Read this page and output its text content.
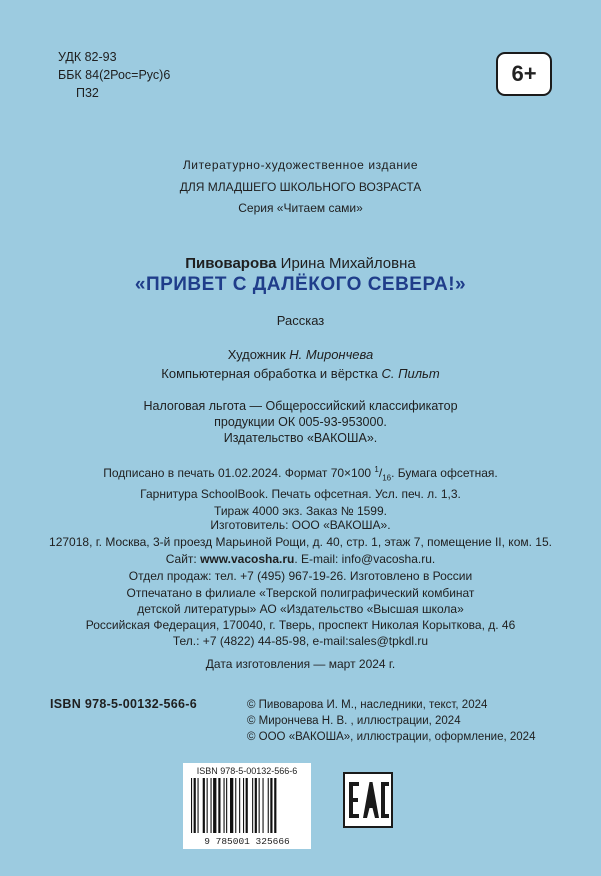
УДК 82-93
ББК 84(2Рос=Рус)6
П32
6+
Литературно-художественное издание
ДЛЯ МЛАДШЕГО ШКОЛЬНОГО ВОЗРАСТА
Серия «Читаем сами»
Пивоварова Ирина Михайловна
«ПРИВЕТ С ДАЛЁКОГО СЕВЕРА!»
Рассказ
Художник Н. Мирончева
Компьютерная обработка и вёрстка С. Пильт
Налоговая льгота — Общероссийский классификатор
продукции ОК 005-93-953000.
Издательство «ВАКОША».
Подписано в печать 01.02.2024. Формат 70×100 $^1/_{16}$. Бумага офсетная.
Гарнитура SchoolBook. Печать офсетная. Усл. печ. л. 1,3.
Тираж 4000 экз. Заказ № 1599.
Изготовитель: ООО «ВАКОША».
127018, г. Москва, 3-й проезд Марьиной Рощи, д. 40, стр. 1, этаж 7, помещение II, ком. 15.
Сайт: www.vacosha.ru. E-mail: info@vacosha.ru.
Отдел продаж: тел. +7 (495) 967-19-26. Изготовлено в России
Отпечатано в филиале «Тверской полиграфический комбинат
детской литературы» АО «Издательство «Высшая школа»
Российская Федерация, 170040, г. Тверь, проспект Николая Корыткова, д. 46
Тел.: +7 (4822) 44-85-98, e-mail:sales@tpkdl.ru
Дата изготовления — март 2024 г.
ISBN 978-5-00132-566-6	© Пивоварова И. М., наследники, текст, 2024
© Мирончева Н. В. , иллюстрации, 2024
© ООО «ВАКОША», иллюстрации, оформление, 2024
ISBN 978-5-00132-566-6
9 785001 325666
